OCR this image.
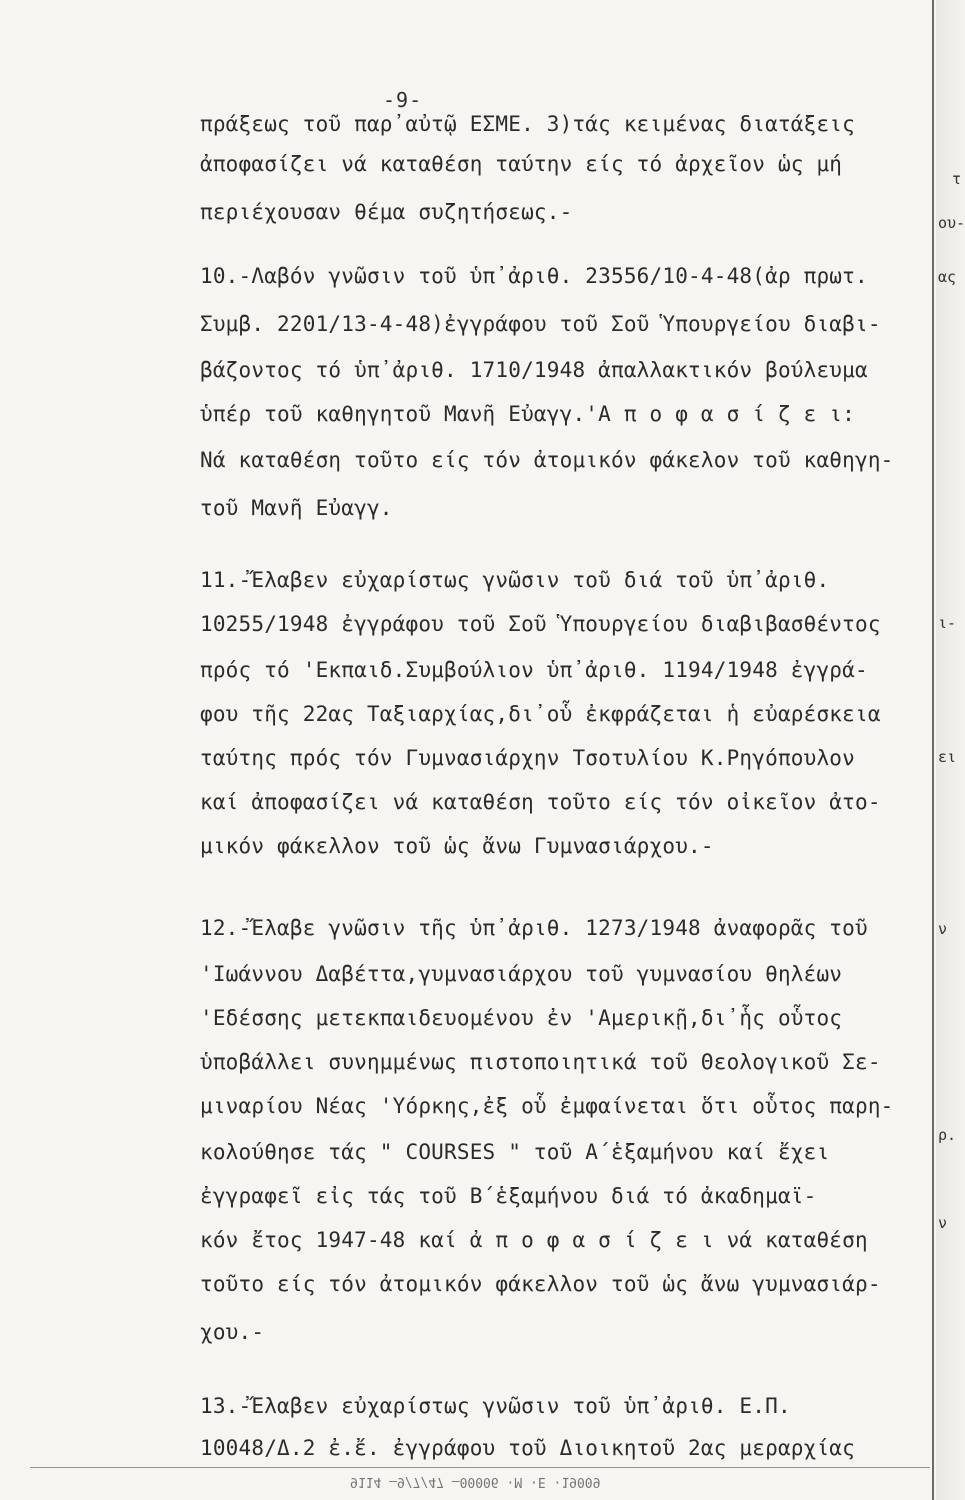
-9-
πράξεως τοῦ παρ᾽αὐτῷ ΕΣΜΕ. 3)τάς κειμένας διατάξεις
ἀποφασίζει νά καταθέση ταύτην είς τό ἀρχεῖον ὡς μή
περιέχουσαν θέμα συζητήσεως.-
10.-Λαβόν γνῶσιν τοῦ ὑπ᾽ἀριθ. 23556/10-4-48(ἀρ πρωτ.
Συμβ. 2201/13-4-48)ἐγγράφου τοῦ Σοῦ Ὑπουργείου διαβι-
βάζοντος τό ὑπ᾽ἀριθ. 1710/1948 ἀπαλλακτικόν βούλευμα
ὑπέρ τοῦ καθηγητοῦ Μανῆ Εὐαγγ.'Α π ο φ α σ ί ζ ε ι:
Νά καταθέση τοῦτο είς τόν ἀτομικόν φάκελον τοῦ καθηγη-
τοῦ Μανῆ Εὐαγγ.
11.-Ἔλαβεν εὐχαρίστως γνῶσιν τοῦ διά τοῦ ὑπ᾽ἀριθ.
10255/1948 ἐγγράφου τοῦ Σοῦ Ὑπουργείου διαβιβασθέντος
πρός τό 'Εκπαιδ.Συμβούλιον ὑπ᾽ἀριθ. 1194/1948 ἐγγρά-
φου τῆς 22ας Ταξιαρχίας,δι᾽οὗ ἐκφράζεται ἡ εὐαρέσκεια
ταύτης πρός τόν Γυμνασιάρχην Τσοτυλίου Κ.Ρηγόπουλον
καί ἀποφασίζει νά καταθέση τοῦτο είς τόν οἰκεῖον ἀτο-
μικόν φάκελλον τοῦ ὡς ἄνω Γυμνασιάρχου.-
12.-Ἔλαβε γνῶσιν τῆς ὑπ᾽ἀριθ. 1273/1948 ἀναφορᾶς τοῦ
'Ιωάννου Δαβέττα,γυμνασιάρχου τοῦ γυμνασίου θηλέων
'Εδέσσης μετεκπαιδευομένου ἐν 'Αμερικῇ,δι᾽ἧς οὗτος
ὑποβάλλει συνημμένως πιστοποιητικά τοῦ Θεολογικοῦ Σε-
μιναρίου Νέας 'Υόρκης,ἐξ οὗ ἐμφαίνεται ὅτι οὗτος παρη-
κολούθησε τάς " COURSES " τοῦ Α΄ἑξαμήνου καί ἔχει
ἐγγραφεῖ εἰς τάς τοῦ Β΄ἑξαμήνου διά τό ἀκαδημαϊ-
κόν ἔτος 1947-48 καί ἀ π ο φ α σ ί ζ ε ι νά καταθέση
τοῦτο είς τόν ἀτομικόν φάκελλον τοῦ ὡς ἄνω γυμνασιάρ-
χου.-
13.-Ἔλαβεν εὐχαρίστως γνῶσιν τοῦ ὑπ᾽ἀριθ. Ε.Π.
10048/Δ.2 ἐ.ἔ. ἐγγράφου τοῦ Διοικητοῦ 2ας μεραρχίας
τ
ου-
ας
ι-
ει
ν
ρ.
ν
9114 –9/7/47 –00006 ·M ·E ·19009
